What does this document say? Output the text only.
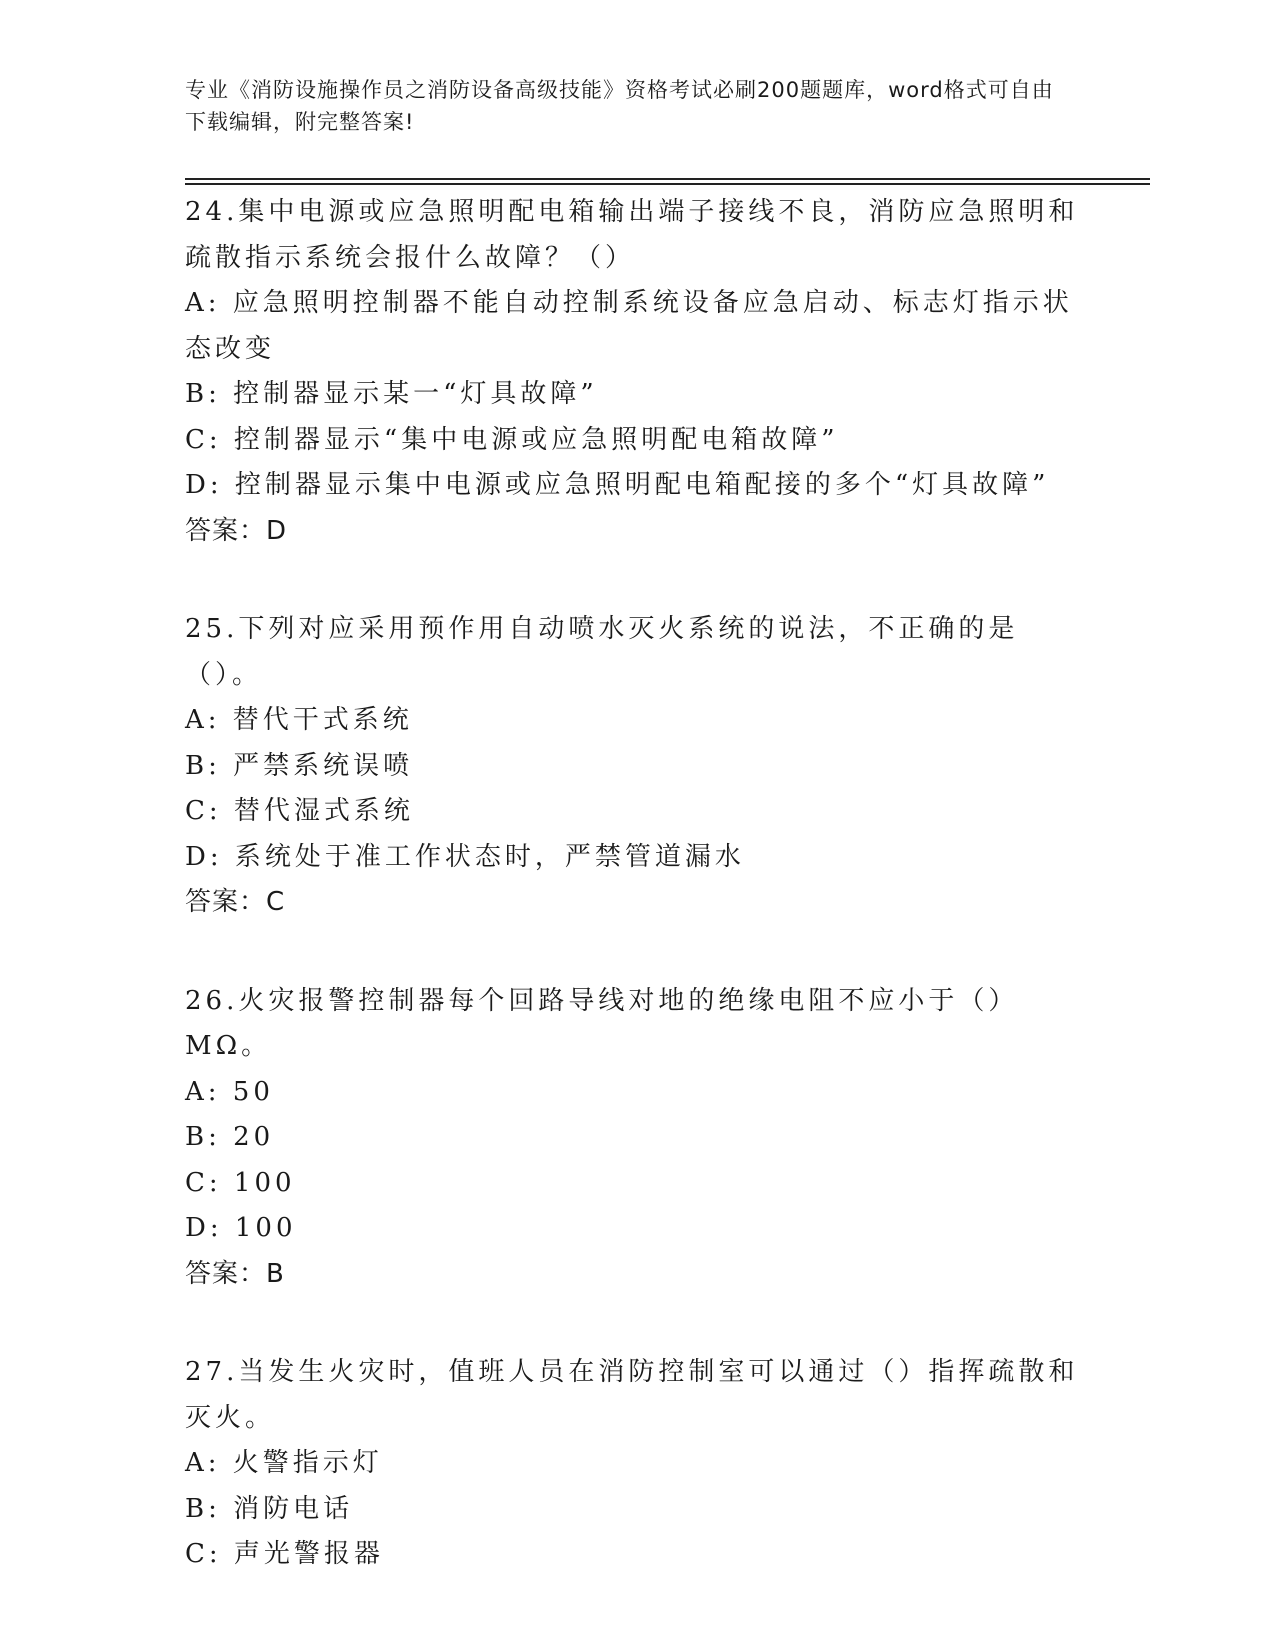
专业《消防设施操作员之消防设备高级技能》资格考试必刷200题题库，word格式可自由下载编辑，附完整答案!

24.集中电源或应急照明配电箱输出端子接线不良，消防应急照明和疏散指示系统会报什么故障？（）

A: 应急照明控制器不能自动控制系统设备应急启动、标志灯指示状态改变

B: 控制器显示某一“灯具故障”

C: 控制器显示“集中电源或应急照明配电箱故障”

D: 控制器显示集中电源或应急照明配电箱配接的多个“灯具故障”

答案：D

25.下列对应采用预作用自动喷水灭火系统的说法，不正确的是（）。

A: 替代干式系统

B: 严禁系统误喷

C: 替代湿式系统

D: 系统处于准工作状态时，严禁管道漏水

答案：C

26.火灾报警控制器每个回路导线对地的绝缘电阻不应小于（）MΩ。

A: 50

B: 20

C: 100

D: 100

答案：B

27.当发生火灾时，值班人员在消防控制室可以通过（）指挥疏散和灭火。

A: 火警指示灯

B: 消防电话

C: 声光警报器
